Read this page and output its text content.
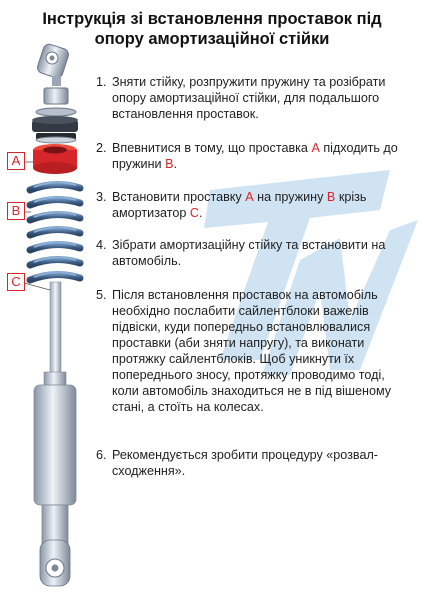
Інструкція зі встановлення проставок під
опору амортизаційної стійки
A
B
C
1. Зняти стійку, розпружити пружину та розібрати опору амортизаційної стійки, для подальшого встановлення проставок.
2. Впевнитися в тому, що проставка А підходить до пружини В.
3. Встановити проставку А на пружину В крізь амортизатор С.
4. Зібрати амортизаційну стійку та встановити на автомобіль.
5. Після встановлення проставок на автомобіль необхідно послабити сайлентблоки важелів підвіски, куди попередньо встановлювалися проставки (аби зняти напругу), та виконати протяжку сайлентблоків. Щоб уникнути їх попереднього зносу, протяжку проводимо тоді, коли автомобіль знаходиться не в під вішеному стані, а стоїть на колесах.
6. Рекомендується зробити процедуру «розвал-сходження».
